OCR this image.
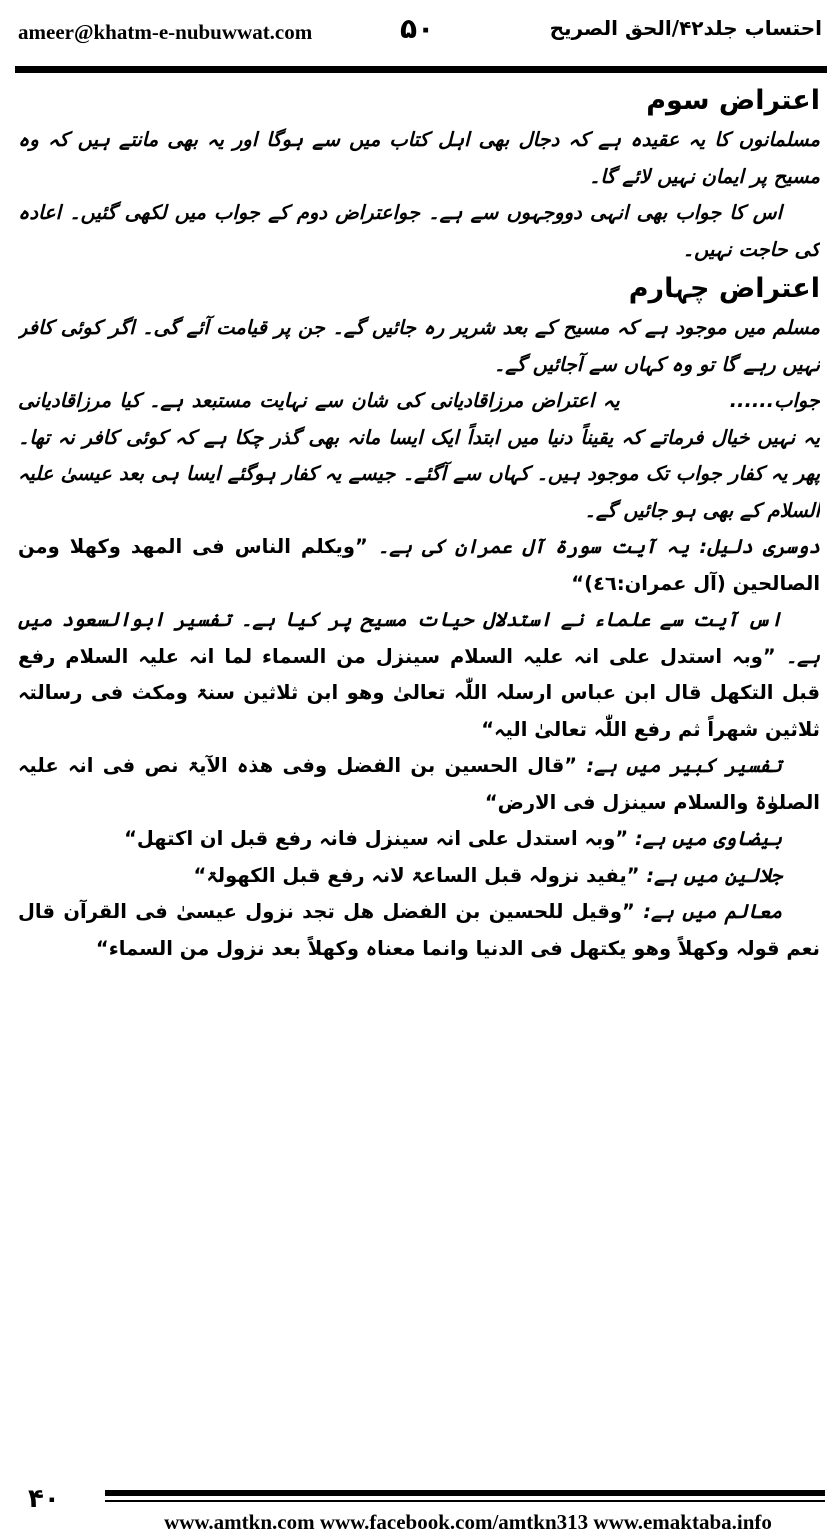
ameer@khatm-e-nubuwwat.com	۵۰	احتساب جلد۴۲/الحق الصریح

اعتراض سوم

مسلمانوں کا یہ عقیدہ ہے کہ دجال بھی اہل کتاب میں سے ہوگا اور یہ بھی مانتے ہیں کہ وہ مسیح پر ایمان نہیں لائے گا۔

اس کا جواب بھی انہی دووجہوں سے ہے۔ جواعتراض دوم کے جواب میں لکھی گئیں۔ اعادہ کی حاجت نہیں۔

اعتراض چہارم

مسلم میں موجود ہے کہ مسیح کے بعد شریر رہ جائیں گے۔ جن پر قیامت آئے گی۔ اگر کوئی کافر نہیں رہے گا تو وہ کہاں سے آجائیں گے۔

جواب......یہ اعتراض مرزاقادیانی کی شان سے نہایت مستبعد ہے۔ کیا مرزاقادیانی یہ نہیں خیال فرماتے کہ یقیناً دنیا میں ابتداً ایک ایسا مانہ بھی گذر چکا ہے کہ کوئی کافر نہ تھا۔ پھر یہ کفار جواب تک موجود ہیں۔ کہاں سے آگئے۔ جیسے یہ کفار ہوگئے ایسا ہی بعد عیسیٰ علیہ السلام کے بھی ہو جائیں گے۔

دوسری دلیل: یہ آیت سورۃ آل عمران کی ہے۔ ”ویکلم الناس فی المھد وکھلا ومن الصالحین (آل عمران:٤٦)“

اس آیت سے علماء نے استدلال حیات مسیح پر کیا ہے۔ تفسیر ابوالسعود میں ہے۔ ”وبہ استدل علی انہ علیہ السلام سینزل من السماء لما انہ علیہ السلام رفع قبل التکھل قال ابن عباس ارسلہ اللّٰہ تعالیٰ وھو ابن ثلاثین سنۃ ومکث فی رسالتہ ثلاثین شھراً ثم رفع اللّٰہ تعالیٰ الیہ“

تفسیر کبیر میں ہے: ”قال الحسین بن الفضل وفی ھذہ الآیۃ نص فی انہ علیہ الصلوٰۃ والسلام سینزل فی الارض“

بیضاوی میں ہے: ”وبہ استدل علی انہ سینزل فانہ رفع قبل ان اکتھل“

جلالین میں ہے: ”یفید نزولہ قبل الساعۃ لانہ رفع قبل الکھولۃ“

معالم میں ہے: ”وقیل للحسین بن الفضل ھل تجد نزول عیسیٰ فی القرآن قال نعم قولہ وکھلاً وھو یکتھل فی الدنیا وانما معناہ وکھلاً بعد نزول من السماء“

۴۰
www.amtkn.com www.facebook.com/amtkn313 www.emaktaba.info
